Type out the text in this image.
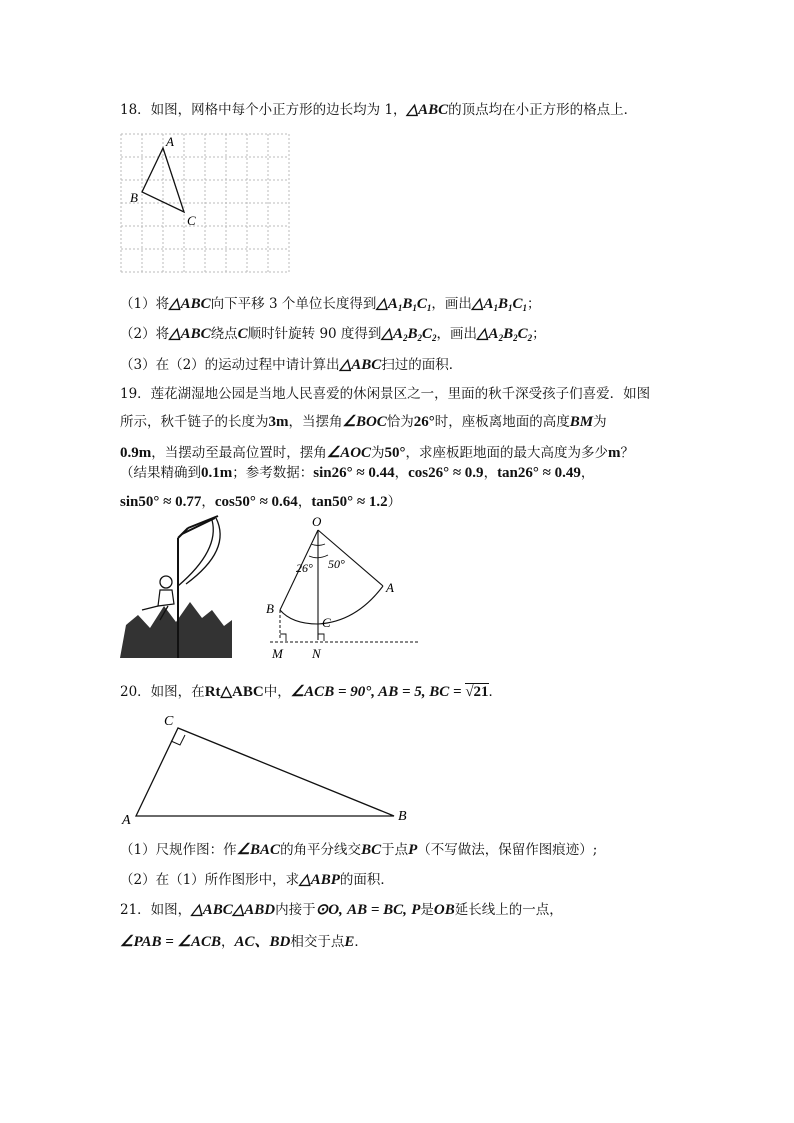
18．如图，网格中每个小正方形的边长均为 1，△ABC的顶点均在小正方形的格点上．
A
B
C
（1）将△ABC向下平移 3 个单位长度得到$\triangle A_1B_1C_1$，画出$\triangle A_1B_1C_1$；
（2）将△ABC绕点C顺时针旋转 90 度得到$\triangle A_2B_2C_2$，画出$\triangle A_2B_2C_2$；
（3）在（2）的运动过程中请计算出△ABC扫过的面积．
19．莲花湖湿地公园是当地人民喜爱的休闲景区之一，里面的秋千深受孩子们喜爱．如图
所示，秋千链子的长度为3m，当摆角∠BOC恰为26°时，座板离地面的高度BM为
0.9m，当摆动至最高位置时，摆角∠AOC为50°，求座板距地面的最大高度为多少m？
（结果精确到0.1m；参考数据：sin26° ≈ 0.44，cos26° ≈ 0.9，tan26° ≈ 0.49，
sin50° ≈ 0.77，cos50° ≈ 0.64，tan50° ≈ 1.2）
O
A
B
C
M N
26° 50°
20．如图，在Rt△ABC中，∠ACB = 90°, AB = 5, BC = √21．
A	B
C
（1）尺规作图：作∠BAC的角平分线交BC于点P（不写做法，保留作图痕迹）;
（2）在（1）所作图形中，求△ABP的面积．
21．如图，△ABC△ABD内接于⊙O, AB = BC, P是OB延长线上的一点，
∠PAB = ∠ACB，AC、BD相交于点E．
